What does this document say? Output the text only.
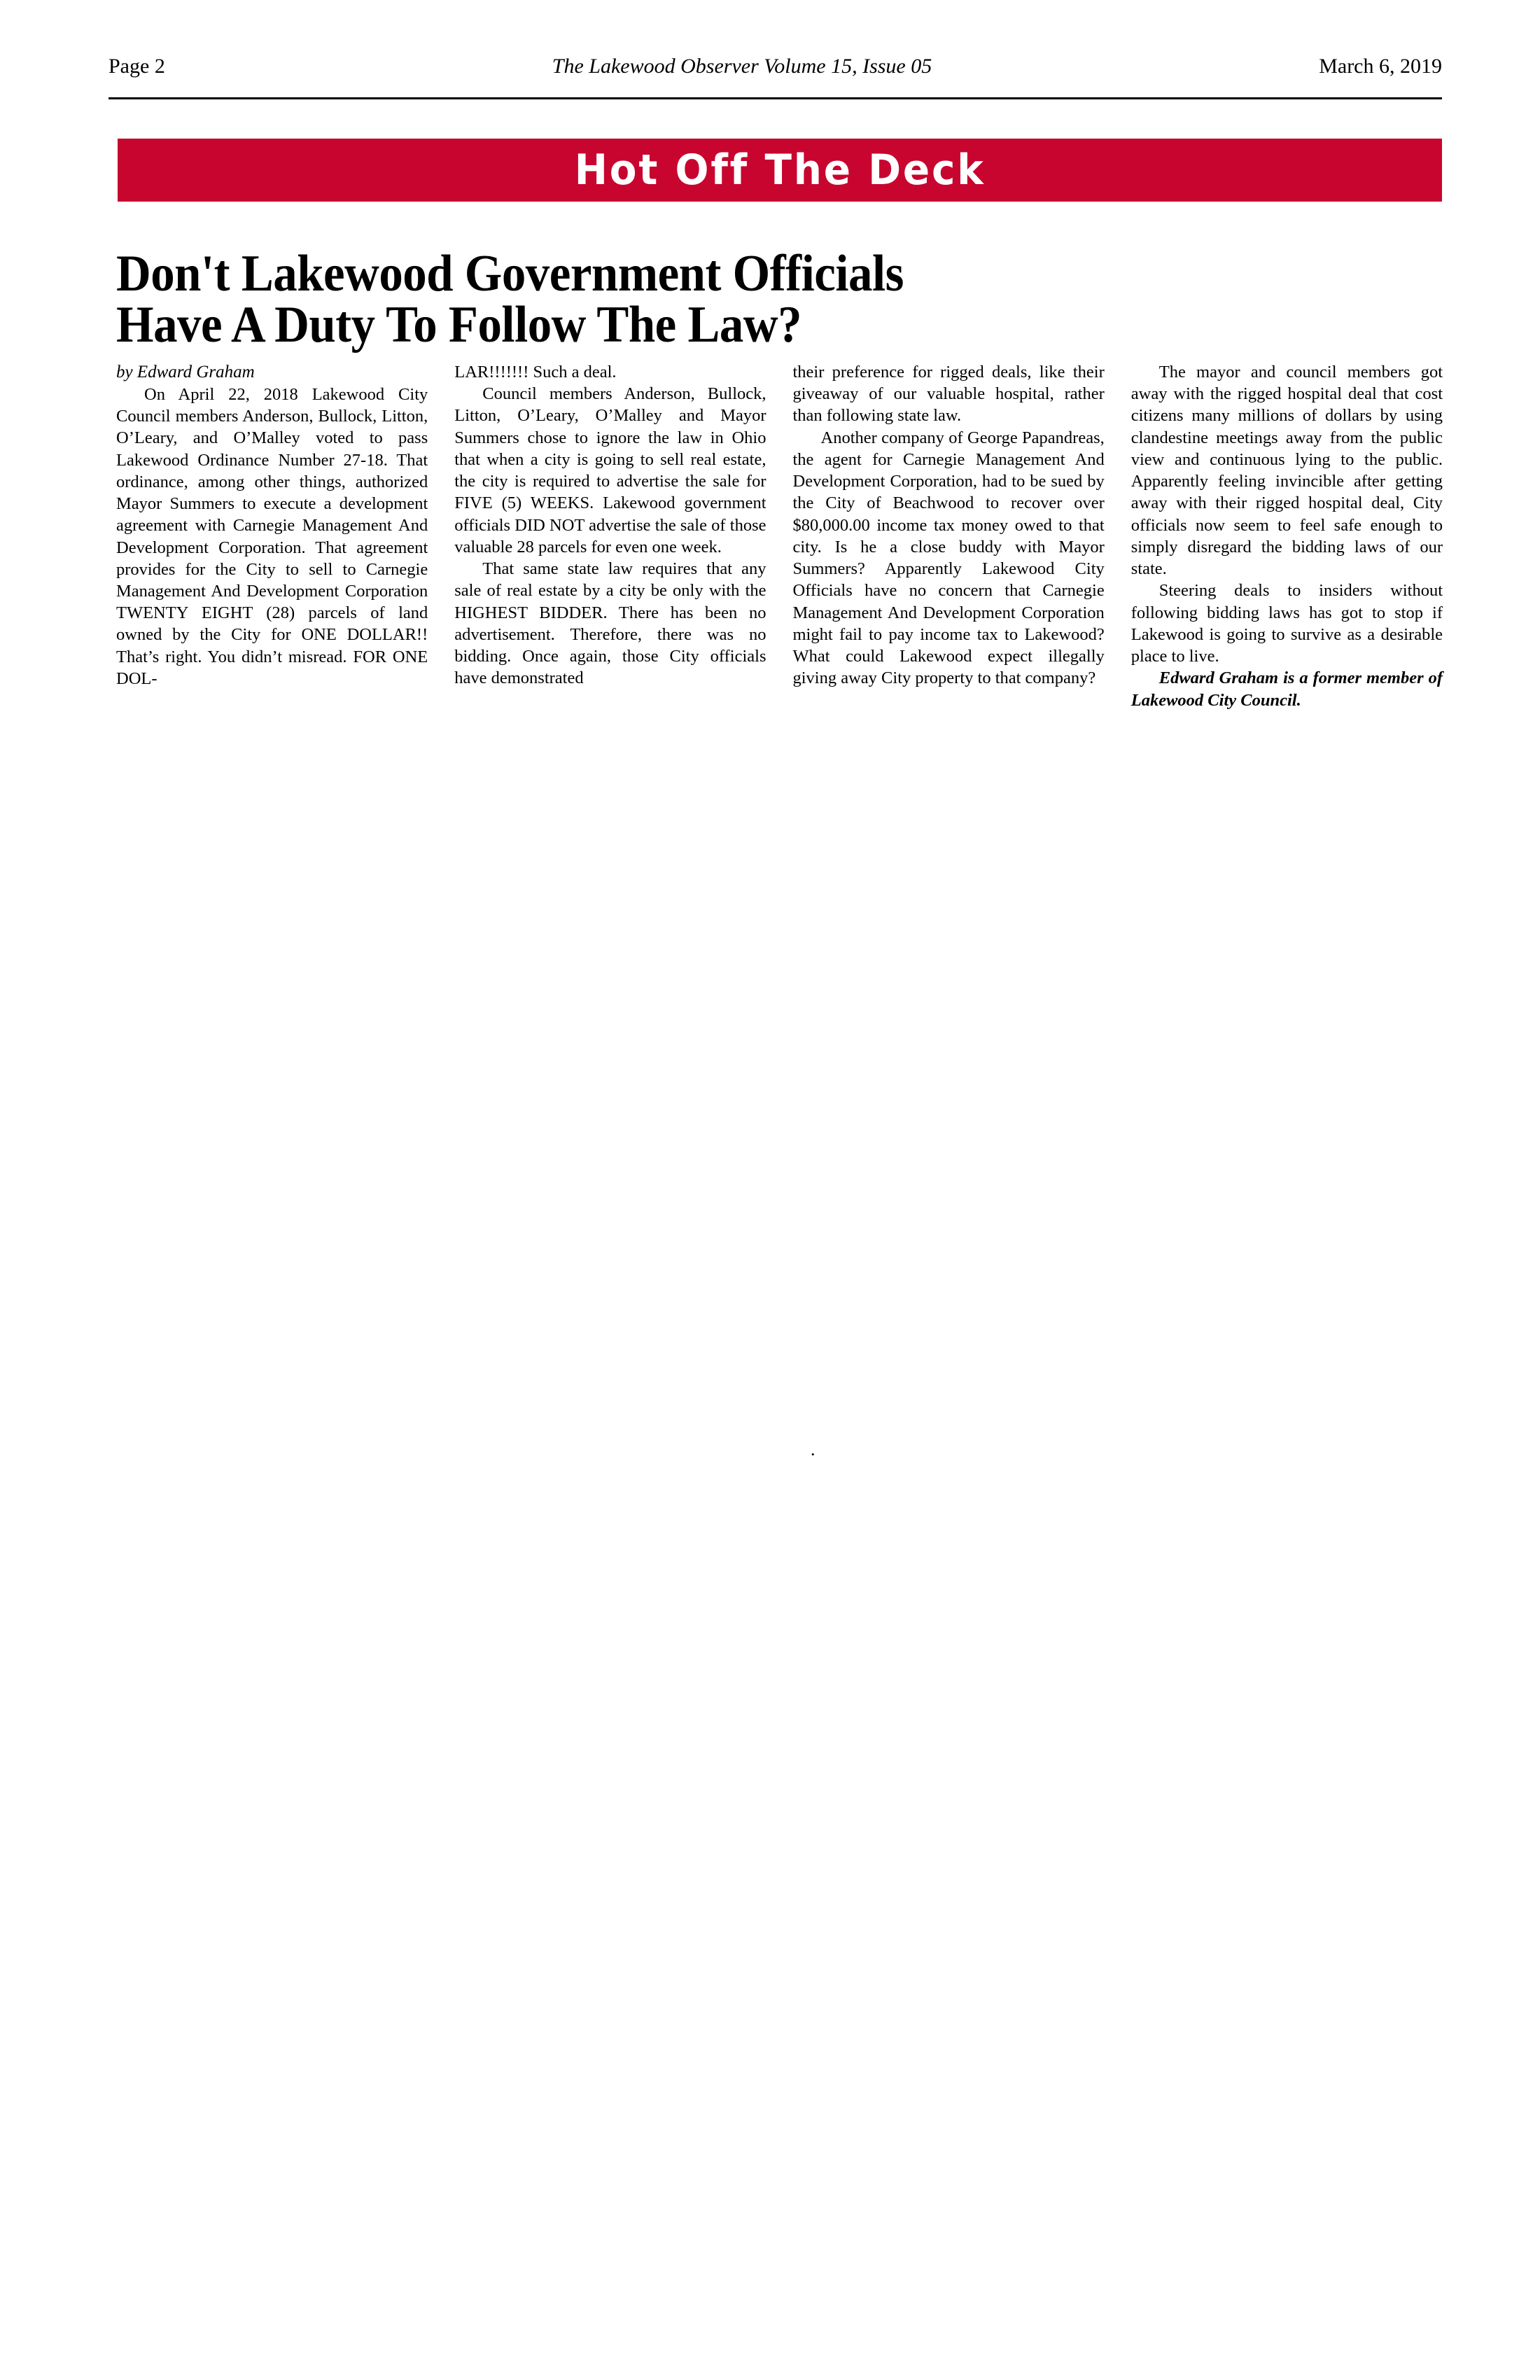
Page 2	The Lakewood Observer Volume 15, Issue 05	March 6, 2019
Hot Off The Deck
Don't Lakewood Government Officials
Have A Duty To Follow The Law?

by Edward Graham

On April 22, 2018 Lakewood City Council members Anderson, Bullock, Litton, O’Leary, and O’Malley voted to pass Lakewood Ordinance Number 27-18. That ordinance, among other things, authorized Mayor Summers to execute a development agreement with Carnegie Management And Development Corporation. That agreement provides for the City to sell to Carnegie Management And Development Corporation TWENTY EIGHT (28) parcels of land owned by the City for ONE DOLLAR!! That’s right. You didn’t misread. FOR ONE DOL-

LAR!!!!!!! Such a deal.

Council members Anderson, Bullock, Litton, O’Leary, O’Malley and Mayor Summers chose to ignore the law in Ohio that when a city is going to sell real estate, the city is required to advertise the sale for FIVE (5) WEEKS. Lakewood government officials DID NOT advertise the sale of those valuable 28 parcels for even one week.

That same state law requires that any sale of real estate by a city be only with the HIGHEST BIDDER. There has been no advertisement. Therefore, there was no bidding. Once again, those City officials have demonstrated

their preference for rigged deals, like their giveaway of our valuable hospital, rather than following state law.

Another company of George Papandreas, the agent for Carnegie Management And Development Corporation, had to be sued by the City of Beachwood to recover over $80,000.00 income tax money owed to that city. Is he a close buddy with Mayor Summers? Apparently Lakewood City Officials have no concern that Carnegie Management And Development Corporation might fail to pay income tax to Lakewood? What could Lakewood expect illegally giving away City property to that company?

The mayor and council members got away with the rigged hospital deal that cost citizens many millions of dollars by using clandestine meetings away from the public view and continuous lying to the public. Apparently feeling invincible after getting away with their rigged hospital deal, City officials now seem to feel safe enough to simply disregard the bidding laws of our state.

Steering deals to insiders without following bidding laws has got to stop if Lakewood is going to survive as a desirable place to live.

Edward Graham is a former member of Lakewood City Council.

.
